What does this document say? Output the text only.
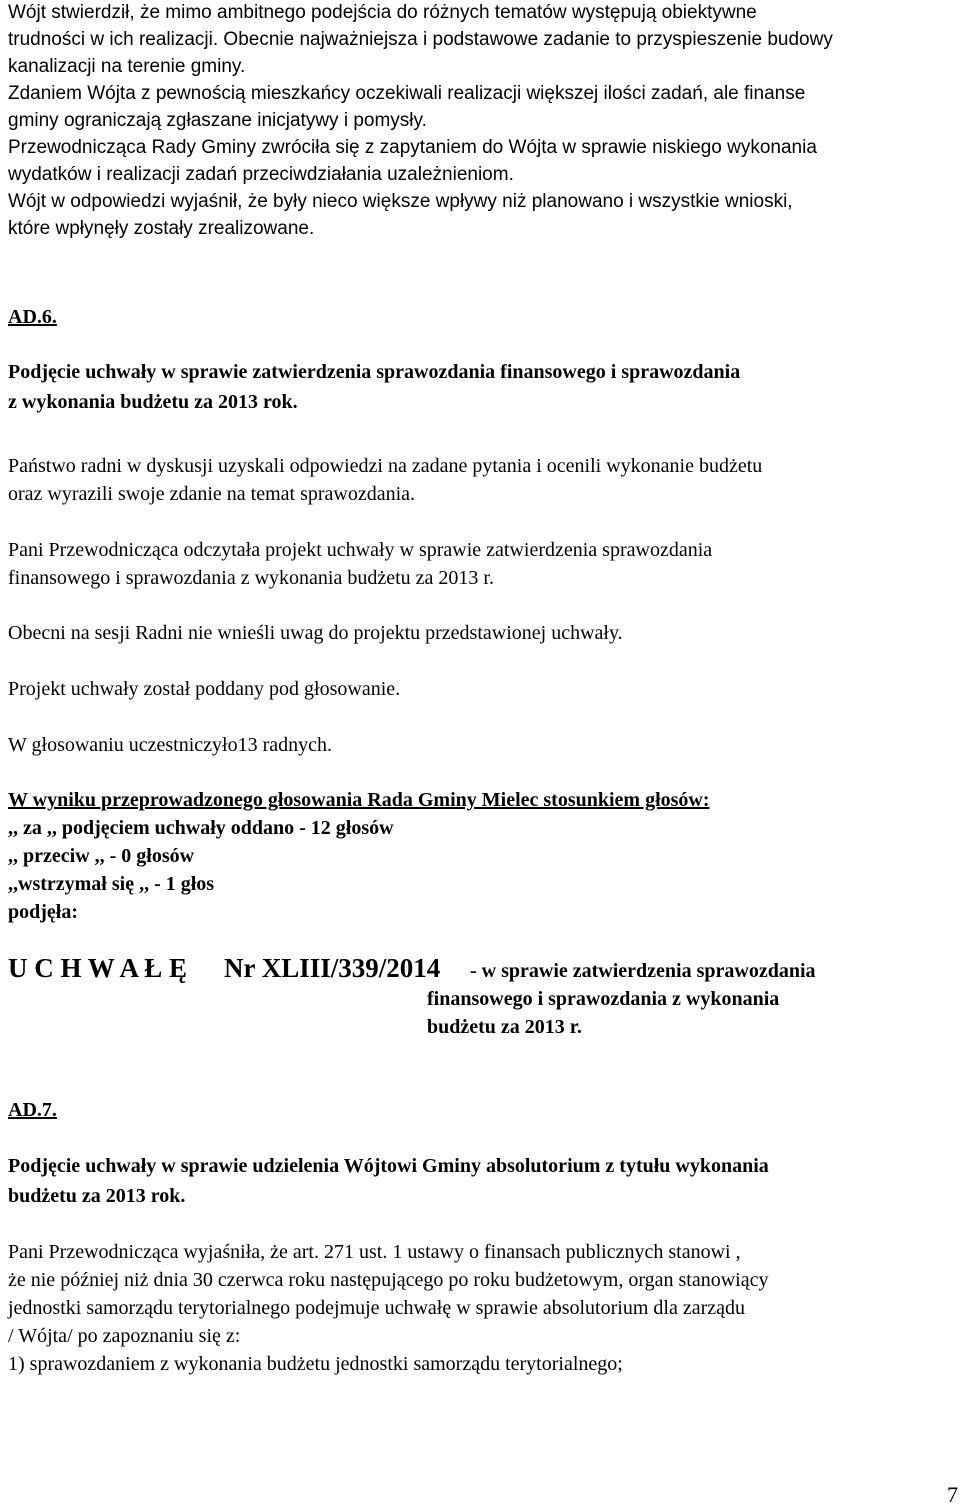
Wójt stwierdził, że mimo ambitnego podejścia do różnych tematów występują obiektywne
trudności w ich realizacji. Obecnie najważniejsza i podstawowe zadanie to przyspieszenie budowy
kanalizacji na terenie gminy.
Zdaniem Wójta z pewnością mieszkańcy oczekiwali realizacji większej ilości zadań, ale finanse
gminy ograniczają zgłaszane inicjatywy i pomysły.
Przewodnicząca Rady Gminy zwróciła się z zapytaniem do Wójta w sprawie niskiego wykonania
wydatków i realizacji zadań przeciwdziałania uzależnieniom.
Wójt w odpowiedzi wyjaśnił, że były nieco większe wpływy niż planowano i wszystkie wnioski,
które wpłynęły zostały zrealizowane.
AD.6.
Podjęcie uchwały w sprawie zatwierdzenia sprawozdania finansowego i sprawozdania
z wykonania budżetu za 2013 rok.
Państwo radni w dyskusji uzyskali odpowiedzi na zadane pytania i ocenili wykonanie budżetu
oraz wyrazili swoje zdanie na temat sprawozdania.
Pani Przewodnicząca odczytała projekt uchwały w sprawie zatwierdzenia sprawozdania
finansowego i sprawozdania z wykonania budżetu za 2013 r.
Obecni na sesji Radni nie wnieśli uwag do projektu przedstawionej uchwały.
Projekt uchwały został poddany pod głosowanie.
W głosowaniu uczestniczyło13 radnych.
W wyniku przeprowadzonego głosowania Rada Gminy Mielec stosunkiem głosów:
,, za ,, podjęciem uchwały oddano - 12 głosów
,, przeciw ,, - 0 głosów
,,wstrzymał się ,, - 1 głos
podjęła:
U C H W A Ł Ę Nr XLIII/339/2014 - w sprawie zatwierdzenia sprawozdania
finansowego i sprawozdania z wykonania
budżetu za 2013 r.
AD.7.
Podjęcie uchwały w sprawie udzielenia Wójtowi Gminy absolutorium z tytułu wykonania
budżetu za 2013 rok.
Pani Przewodnicząca wyjaśniła, że art. 271 ust. 1 ustawy o finansach publicznych stanowi ,
że nie później niż dnia 30 czerwca roku następującego po roku budżetowym, organ stanowiący
jednostki samorządu terytorialnego podejmuje uchwałę w sprawie absolutorium dla zarządu
/ Wójta/ po zapoznaniu się z:
1) sprawozdaniem z wykonania budżetu jednostki samorządu terytorialnego;
7
